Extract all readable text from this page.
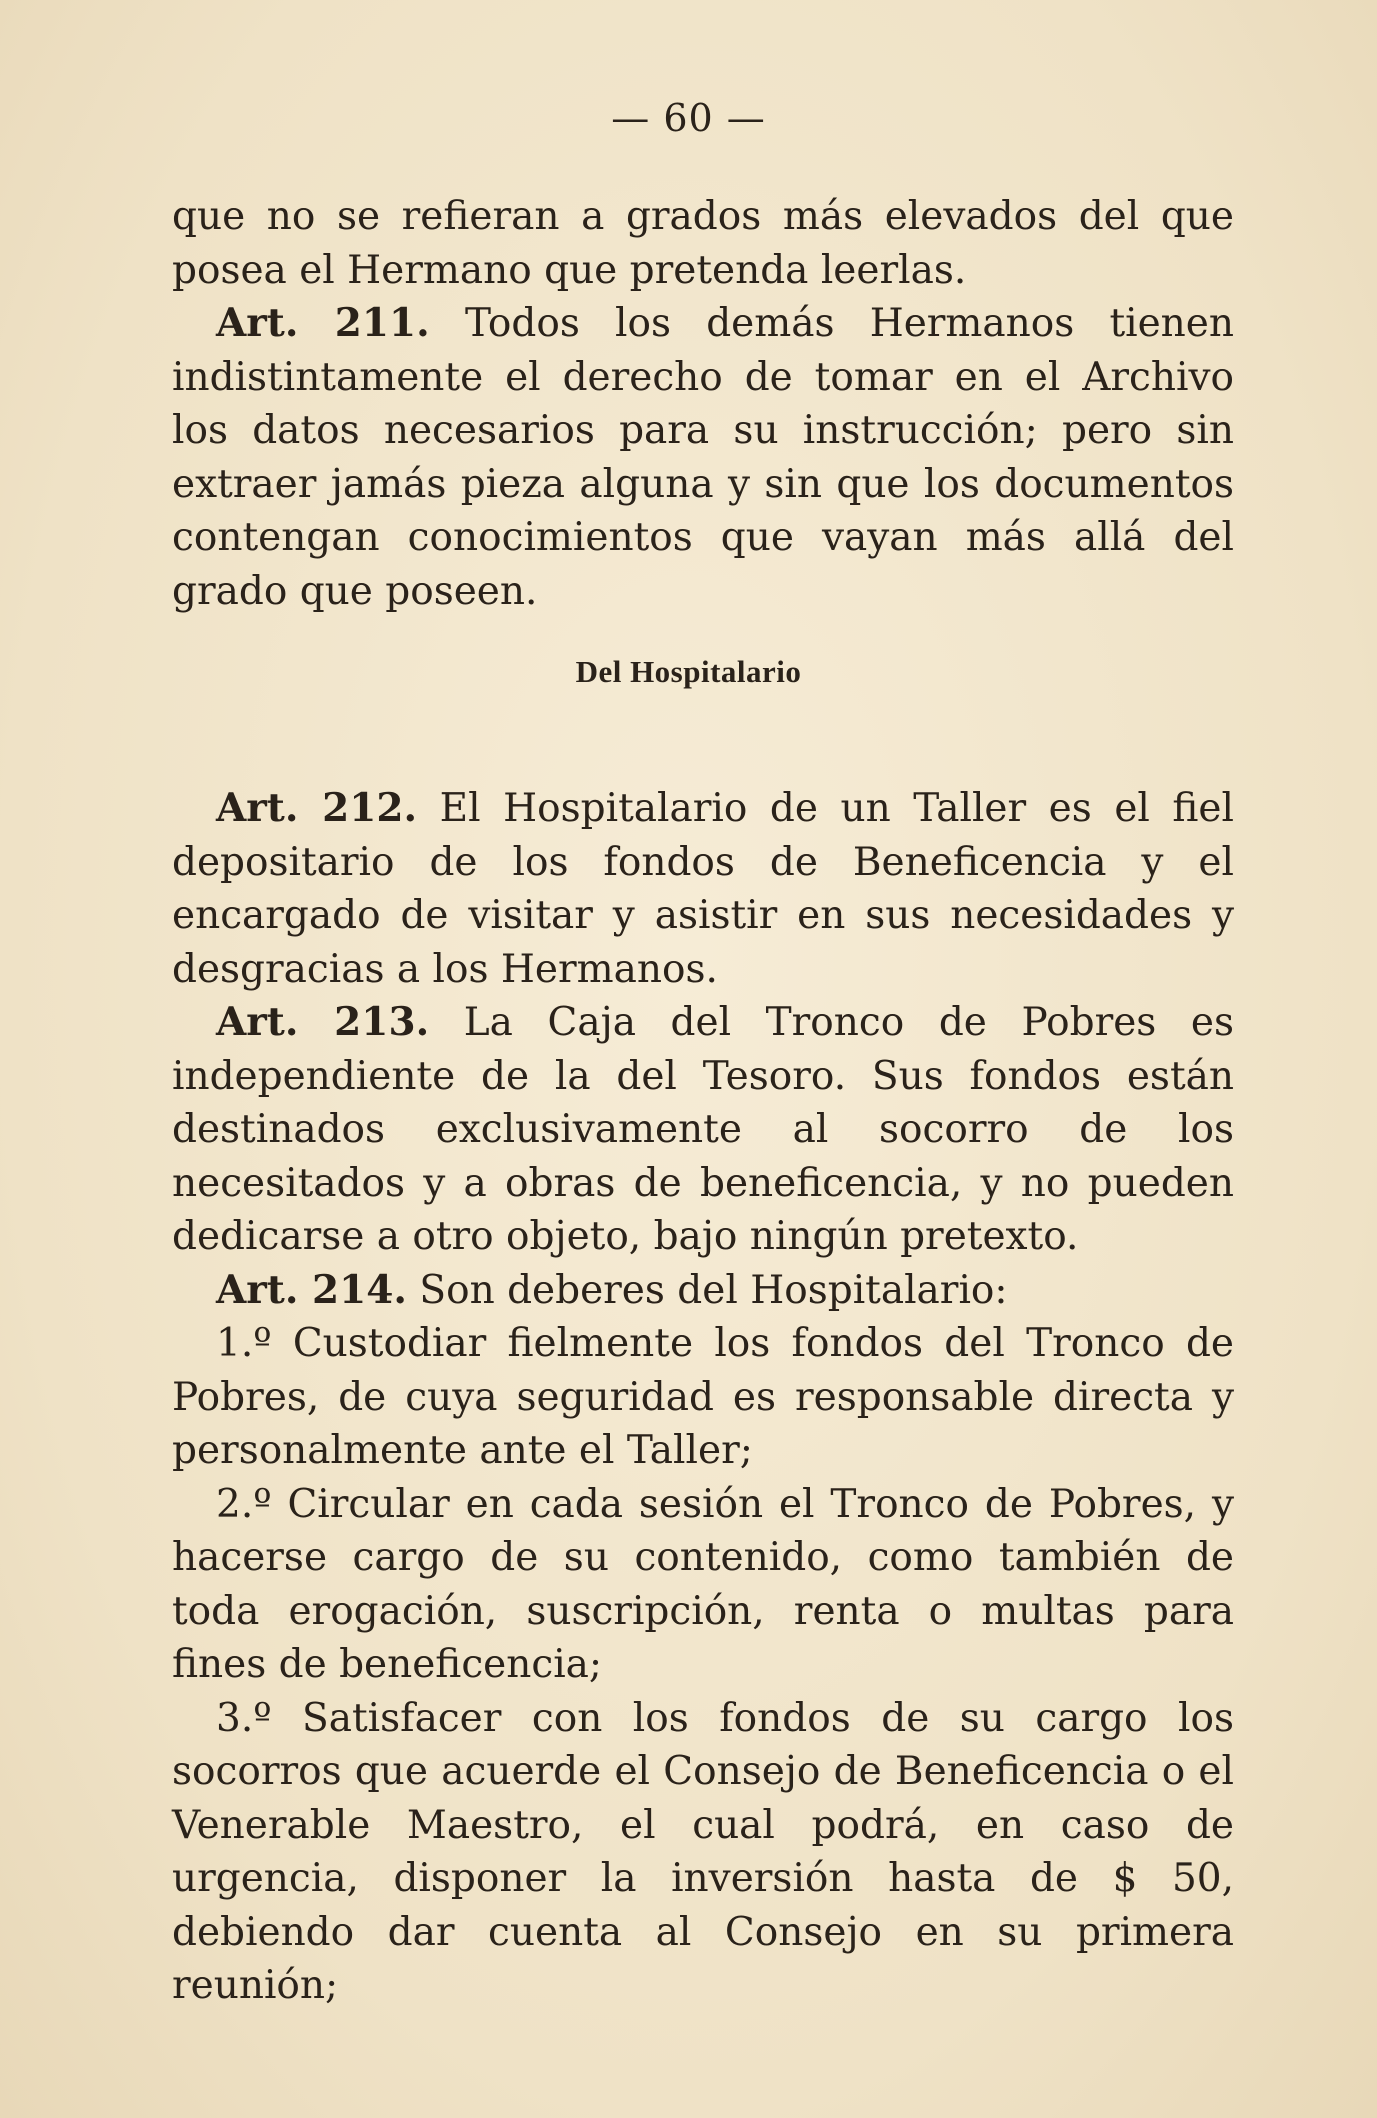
— 60 —

que no se refieran a grados más elevados del que posea el Hermano que pretenda leerlas.

Art. 211. Todos los demás Hermanos tienen indistintamente el derecho de tomar en el Archivo los datos necesarios para su instrucción; pero sin extraer jamás pieza alguna y sin que los documentos contengan conocimientos que vayan más allá del grado que poseen.

Del Hospitalario

Art. 212. El Hospitalario de un Taller es el fiel depositario de los fondos de Beneficencia y el encargado de visitar y asistir en sus necesidades y desgracias a los Hermanos.

Art. 213. La Caja del Tronco de Pobres es independiente de la del Tesoro. Sus fondos están destinados exclusivamente al socorro de los necesitados y a obras de beneficencia, y no pueden dedicarse a otro objeto, bajo ningún pretexto.

Art. 214. Son deberes del Hospitalario:

1.º Custodiar fielmente los fondos del Tronco de Pobres, de cuya seguridad es responsable directa y personalmente ante el Taller;

2.º Circular en cada sesión el Tronco de Pobres, y hacerse cargo de su contenido, como también de toda erogación, suscripción, renta o multas para fines de beneficencia;

3.º Satisfacer con los fondos de su cargo los socorros que acuerde el Consejo de Beneficencia o el Venerable Maestro, el cual podrá, en caso de urgencia, disponer la inversión hasta de $ 50, debiendo dar cuenta al Consejo en su primera reunión;
